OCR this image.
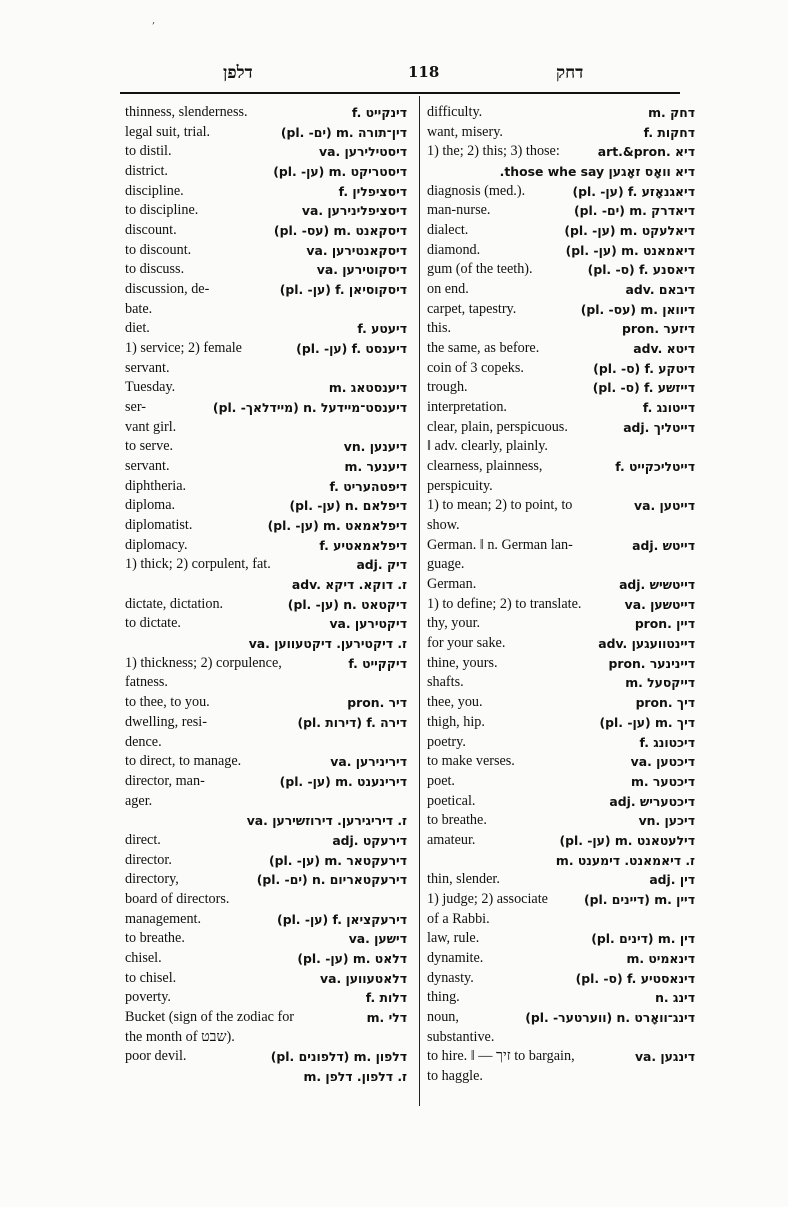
,
דלפן	118	דחק
thinness, slenderness.	f. דינקייט
legal suit, trial.	(pl. -ים) m. דין־תורה
to distil.	va. דיסטילירען
district.	(pl. -ען) m. דיסטריקט
discipline.	f. דיסציפלין
to discipline.	va. דיסציפלינירען
discount.	(pl. -עס) m. דיסקאנט
to discount.	va. דיסקאנטירען
to discuss.	va. דיסקוטירען
discussion, de-	(pl. -ען) f. דיסקוסיאן
bate.
diet.	f. דיעטע
1) service; 2) female	(pl. -ען) f. דיענסט
servant.
Tuesday.	m. דיענסטאג
ser-	(pl. -מיידלאך) n. דיענסט־מיידעל
vant girl.
to serve.	vn. דיענען
servant.	m. דיענער
diphtheria.	f. דיפטהעריט
diploma.	(pl. -ען) n. דיפלאם
diplomatist.	(pl. -ען) m. דיפלאמאט
diplomacy.	f. דיפלאמאטיע
1) thick; 2) corpulent, fat.	adj. דיק
adv. ז. דוקא. דיקא
dictate, dictation.	(pl. -ען) n. דיקטאט
to dictate.	va. דיקטירען
va. ז. דיקטירען. דיקטעווען
1) thickness; 2) corpulence,	f. דיקקייט
fatness.
to thee, to you.	pron. דיר
dwelling, resi-	(pl. דירות) f. דירה
dence.
to direct, to manage.	va. דירינירען
director, man-	(pl. -ען) m. דירינענט
ager.
va. ז. דיריגירען. דירוזשירען
direct.	adj. דירעקט
director.	(pl. -ען) m. דירעקטאר
directory,	(pl. -ים) n. דירעקטאריום
board of directors.
management.	(pl. -ען) f. דירעקציאן
to breathe.	va. דישען
chisel.	(pl. -ען) m. דלאט
to chisel.	va. דלאטעווען
poverty.	f. דלות
Bucket (sign of the zodiac for	m. דלי
the month of שבט).
poor devil.	(pl. דלפונים) m. דלפון
m. ז. דלפון. דלפן
difficulty.	m. דחק
want, misery.	f. דחקות
1) the; 2) this; 3) those:	art.&pron. דיא
דיא וואָס זאָגען those whe say.
diagnosis (med.).	(pl. -ען) f. דיאגנאָזע
man-nurse.	(pl. -ים) m. דיאדרק
dialect.	(pl. -ען) m. דיאלעקט
diamond.	(pl. -ען) m. דיאמאנט
gum (of the teeth).	(pl. -ס) f. דיאסנע
on end.	adv. דיבאם
carpet, tapestry.	(pl. -עס) m. דיוואן
this.	pron. דיזער
the same, as before.	adv. דיטא
coin of 3 copeks.	(pl. -ס) f. דיטקע
trough.	(pl. -ס) f. דייזשע
interpretation.	f. דייטונג
clear, plain, perspicuous.	adj. דייטליך
‖ adv. clearly, plainly.
clearness, plainness,	f. דייטליכקייט
perspicuity.
1) to mean; 2) to point, to	va. דייטען
show.
German. ‖ n. German lan-	adj. דייטש
guage.
German.	adj. דייטשיש
1) to define; 2) to translate.	va. דייטשען
thy, your.	pron. דיין
for your sake.	adv. דיינטוועגען
thine, yours.	pron. דיינינער
shafts.	m. דייקסעל
thee, you.	pron. דיך
thigh, hip.	(pl. -ען) m. דיך
poetry.	f. דיכטונג
to make verses.	va. דיכטען
poet.	m. דיכטער
poetical.	adj. דיכטעריש
to breathe.	vn. דיכען
amateur.	(pl. -ען) m. דילעטאנט
m. ז. דיאמאנט. דימענט
thin, slender.	adj. דין
1) judge; 2) associate	(pl. דיינים) m. דיין
of a Rabbi.
law, rule.	(pl. דינים) m. דין
dynamite.	m. דינאמיט
dynasty.	(pl. -ס) f. דינאסטיע
thing.	n. דינג
noun,	(pl. -ווערטער) n. דינג־וואָרט
substantive.
to hire. ‖ — זיך to bargain,	va. דינגען
to haggle.
